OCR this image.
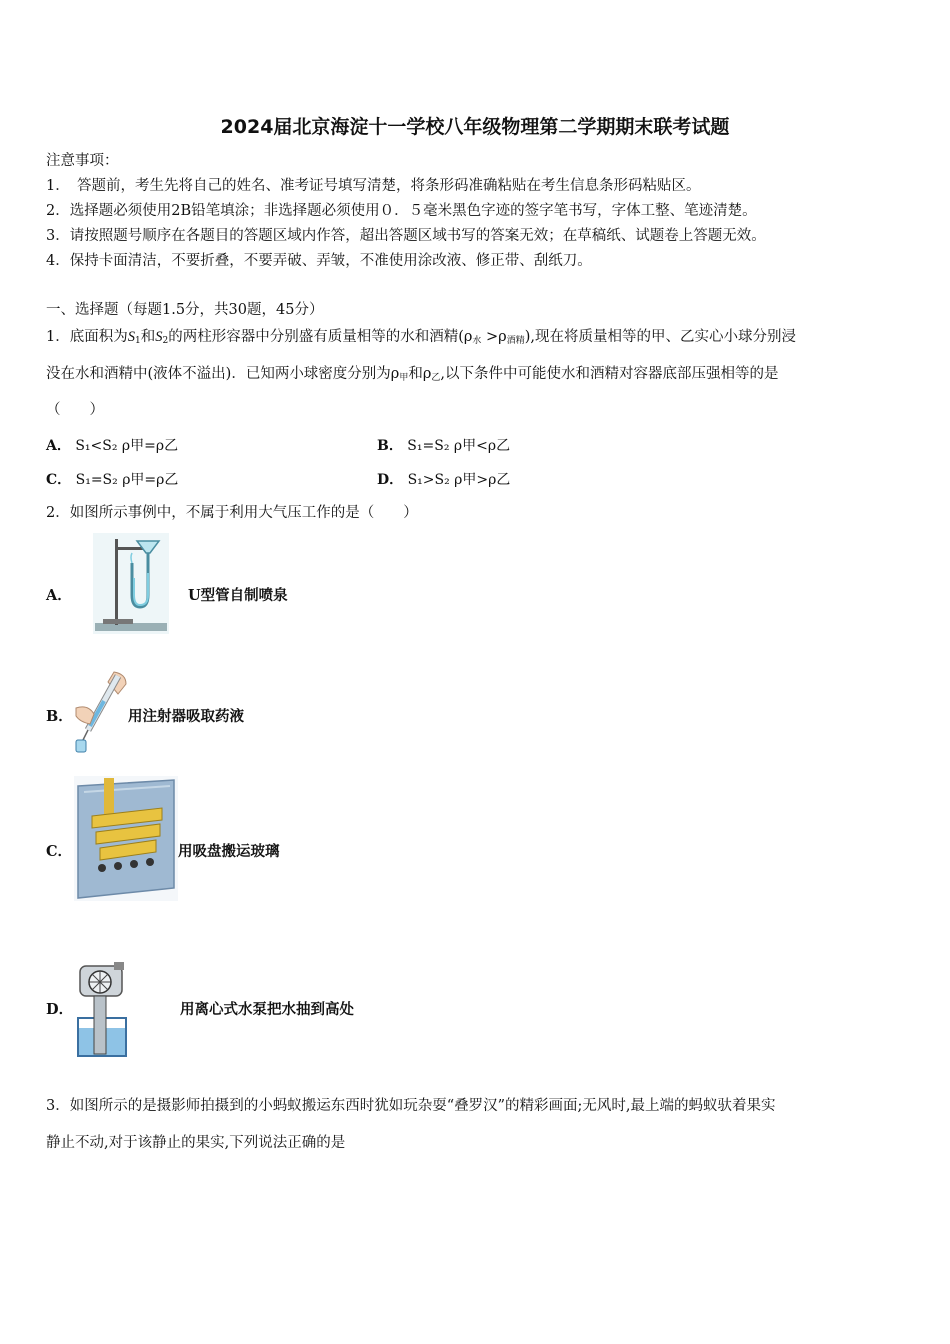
2024届北京海淀十一学校八年级物理第二学期期末联考试题
注意事项：
1．　答题前，考生先将自己的姓名、准考证号填写清楚，将条形码准确粘贴在考生信息条形码粘贴区。
2．选择题必须使用2B铅笔填涂；非选择题必须使用０．５毫米黑色字迹的签字笔书写，字体工整、笔迹清楚。
3．请按照题号顺序在各题目的答题区域内作答，超出答题区域书写的答案无效；在草稿纸、试题卷上答题无效。
4．保持卡面清洁，不要折叠，不要弄破、弄皱，不准使用涂改液、修正带、刮纸刀。
一、选择题（每题1.5分，共30题，45分）
1．底面积为$S_1$和$S_2$的两柱形容器中分别盛有质量相等的水和酒精$(\rho_水 >\rho_{酒精})$,现在将质量相等的甲、乙实心小球分别浸
没在水和酒精中(液体不溢出)．已知两小球密度分别为$\rho_甲$和$\rho_乙$,以下条件中可能使水和酒精对容器底部压强相等的是
（　　）
A． S₁<S₂ ρ甲=ρ乙	B． S₁=S₂ ρ甲<ρ乙
C． S₁=S₂ ρ甲=ρ乙	D． S₁>S₂ ρ甲>ρ乙
2．如图所示事例中，不属于利用大气压工作的是（　　）
A．	U型管自制喷泉
B．	用注射器吸取药液
C．	用吸盘搬运玻璃
D．	用离心式水泵把水抽到高处
3．如图所示的是摄影师拍摄到的小蚂蚁搬运东西时犹如玩杂耍“叠罗汉”的精彩画面;无风时,最上端的蚂蚁驮着果实
静止不动,对于该静止的果实,下列说法正确的是
